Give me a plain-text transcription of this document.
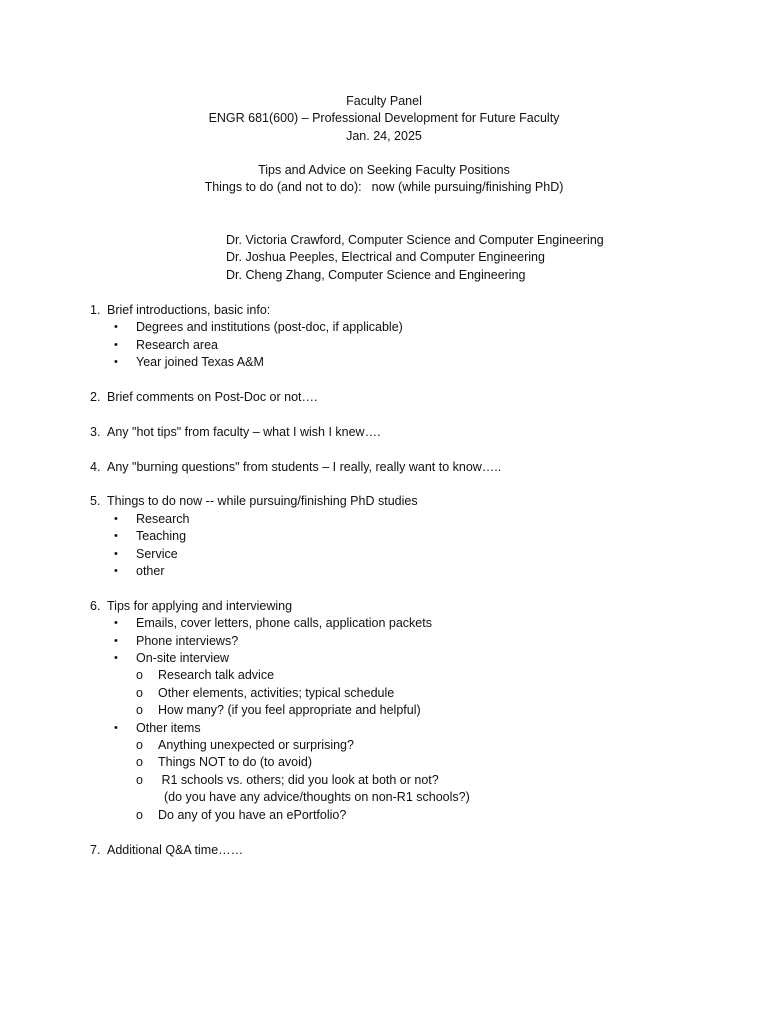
Faculty Panel
ENGR 681(600) – Professional Development for Future Faculty
Jan. 24, 2025
Tips and Advice on Seeking Faculty Positions
Things to do (and not to do): now (while pursuing/finishing PhD)
Dr. Victoria Crawford, Computer Science and Computer Engineering
Dr. Joshua Peeples, Electrical and Computer Engineering
Dr. Cheng Zhang, Computer Science and Engineering
1. Brief introductions, basic info:
•	Degrees and institutions (post-doc, if applicable)
•	Research area
•	Year joined Texas A&M
2. Brief comments on Post-Doc or not….
3. Any "hot tips" from faculty – what I wish I knew….
4. Any "burning questions" from students – I really, really want to know…..
5. Things to do now -- while pursuing/finishing PhD studies
•	Research
•	Teaching
•	Service
•	other
6. Tips for applying and interviewing
•	Emails, cover letters, phone calls, application packets
•	Phone interviews?
•	On-site interview
o	Research talk advice
o	Other elements, activities; typical schedule
o	How many? (if you feel appropriate and helpful)
•	Other items
o	Anything unexpected or surprising?
o	Things NOT to do (to avoid)
o	R1 schools vs. others; did you look at both or not?
(do you have any advice/thoughts on non-R1 schools?)
o	Do any of you have an ePortfolio?
7. Additional Q&A time……
